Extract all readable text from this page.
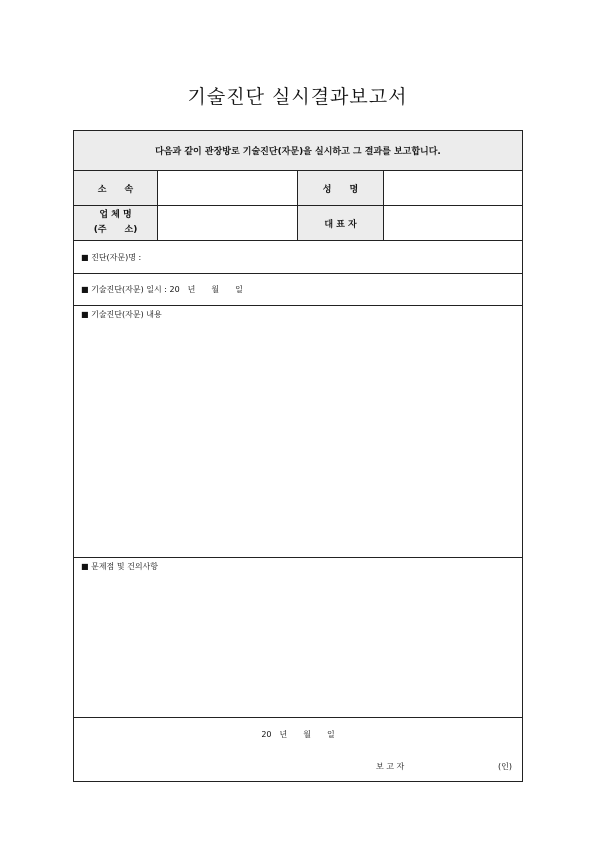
기술진단 실시결과보고서
다음과 같이 관장방로 기술진단(자문)을 실시하고 그 결과를 보고합니다.
소　　속	성　　명
업 체 명
(주　　소)
대 표 자
■ 진단(자문)명 :
■ 기술진단(자문) 일시 : 20　년　　월　　일
■ 기술진단(자문) 내용
■ 문제점 및 건의사항
20　년　　월　　일
보 고 자	(인)
